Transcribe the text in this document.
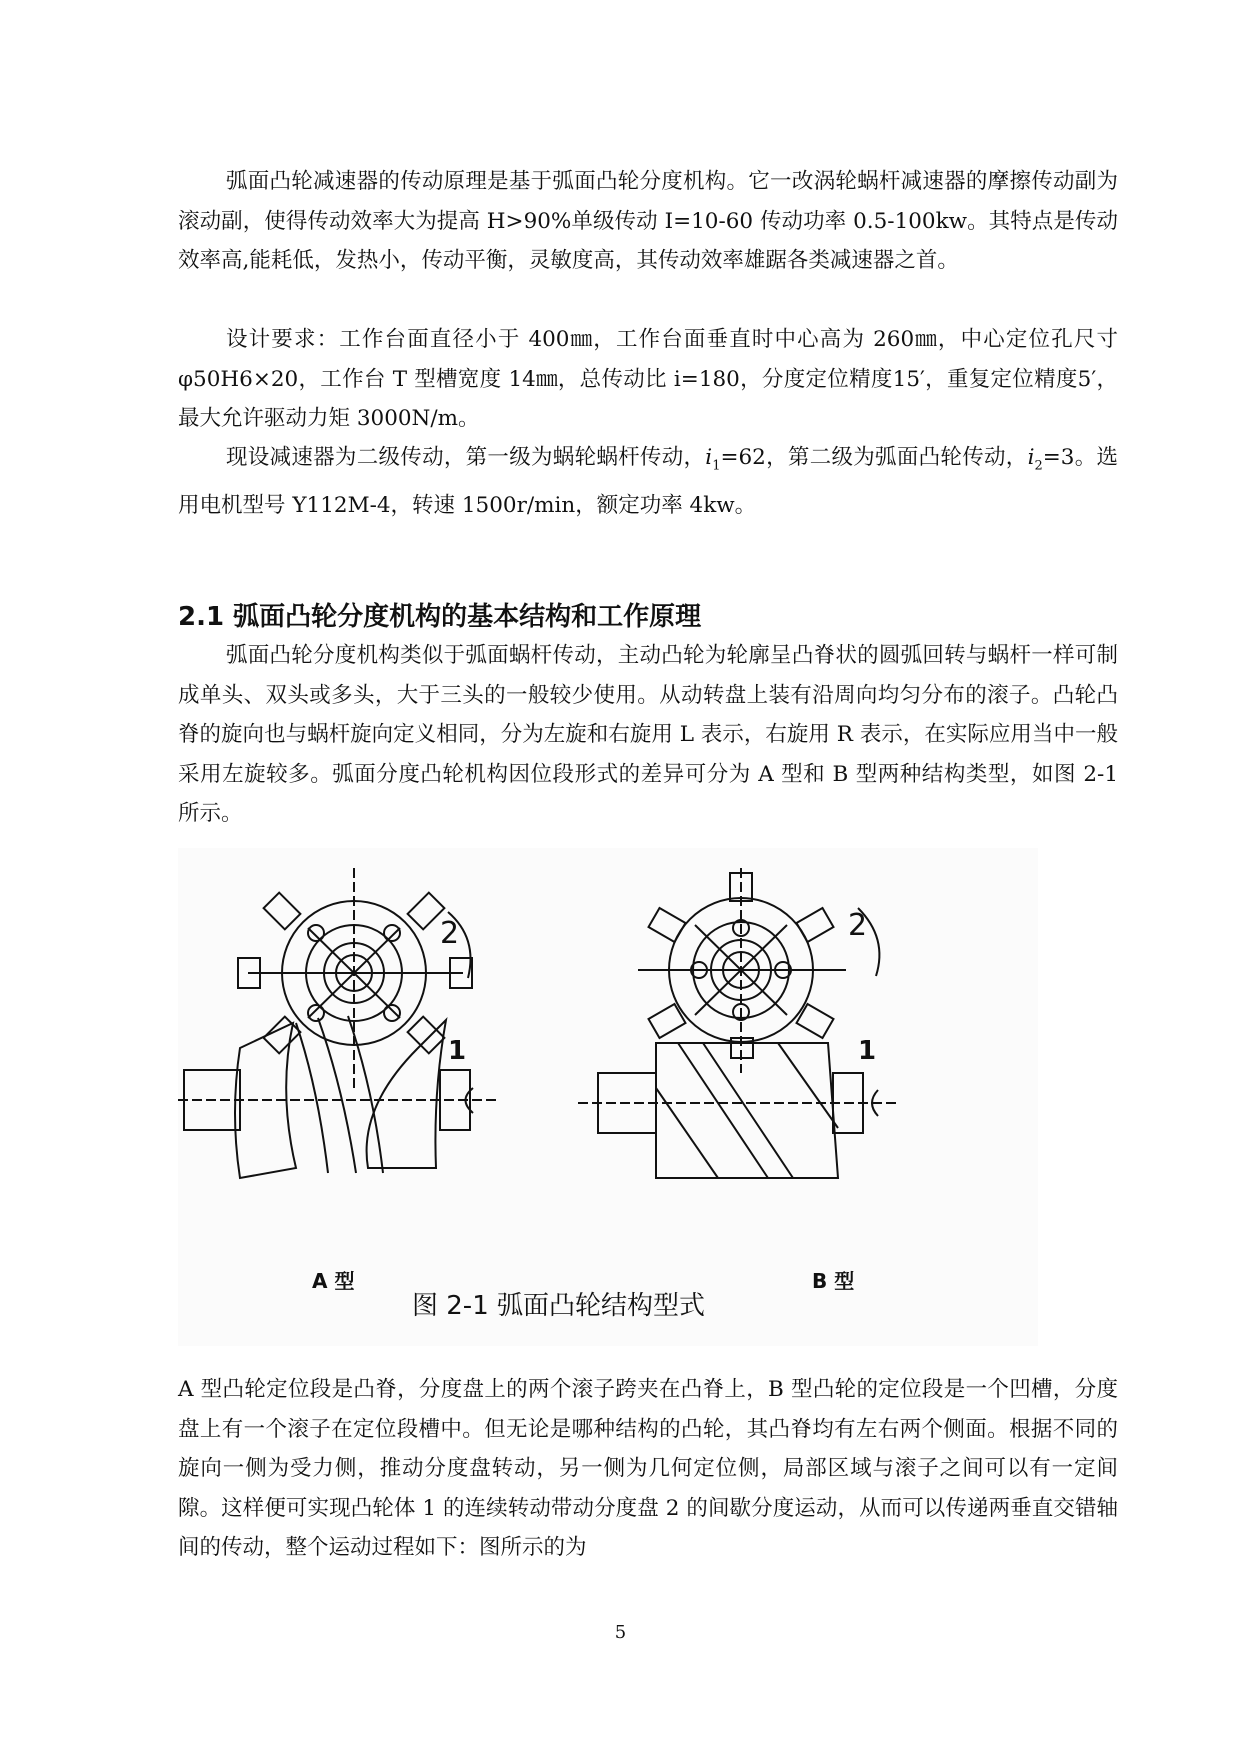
弧面凸轮减速器的传动原理是基于弧面凸轮分度机构。它一改涡轮蜗杆减速器的摩擦传动副为滚动副，使得传动效率大为提高 H>90%单级传动 I=10-60 传动功率 0.5-100kw。其特点是传动效率高,能耗低，发热小，传动平衡，灵敏度高，其传动效率雄踞各类减速器之首。

设计要求：工作台面直径小于 400㎜，工作台面垂直时中心高为 260㎜，中心定位孔尺寸φ50H6×20，工作台 T 型槽宽度 14㎜，总传动比 i=180，分度定位精度15′，重复定位精度5′，最大允许驱动力矩 3000N/m。

现设减速器为二级传动，第一级为蜗轮蜗杆传动，$i_1=62$，第二级为弧面凸轮传动，$i_2=3$。选用电机型号 Y112M-4，转速 1500r/min，额定功率 4kw。

2.1 弧面凸轮分度机构的基本结构和工作原理

弧面凸轮分度机构类似于弧面蜗杆传动，主动凸轮为轮廓呈凸脊状的圆弧回转与蜗杆一样可制成单头、双头或多头，大于三头的一般较少使用。从动转盘上装有沿周向均匀分布的滚子。凸轮凸脊的旋向也与蜗杆旋向定义相同，分为左旋和右旋用 L 表示，右旋用 R 表示，在实际应用当中一般采用左旋较多。弧面分度凸轮机构因位段形式的差异可分为 A 型和 B 型两种结构类型，如图 2-1 所示。

2
1
2
1
A 型	B 型
图 2-1 弧面凸轮结构型式

A 型凸轮定位段是凸脊，分度盘上的两个滚子跨夹在凸脊上，B 型凸轮的定位段是一个凹槽，分度盘上有一个滚子在定位段槽中。但无论是哪种结构的凸轮，其凸脊均有左右两个侧面。根据不同的旋向一侧为受力侧，推动分度盘转动，另一侧为几何定位侧，局部区域与滚子之间可以有一定间隙。这样便可实现凸轮体 1 的连续转动带动分度盘 2 的间歇分度运动，从而可以传递两垂直交错轴间的传动，整个运动过程如下：图所示的为

5
